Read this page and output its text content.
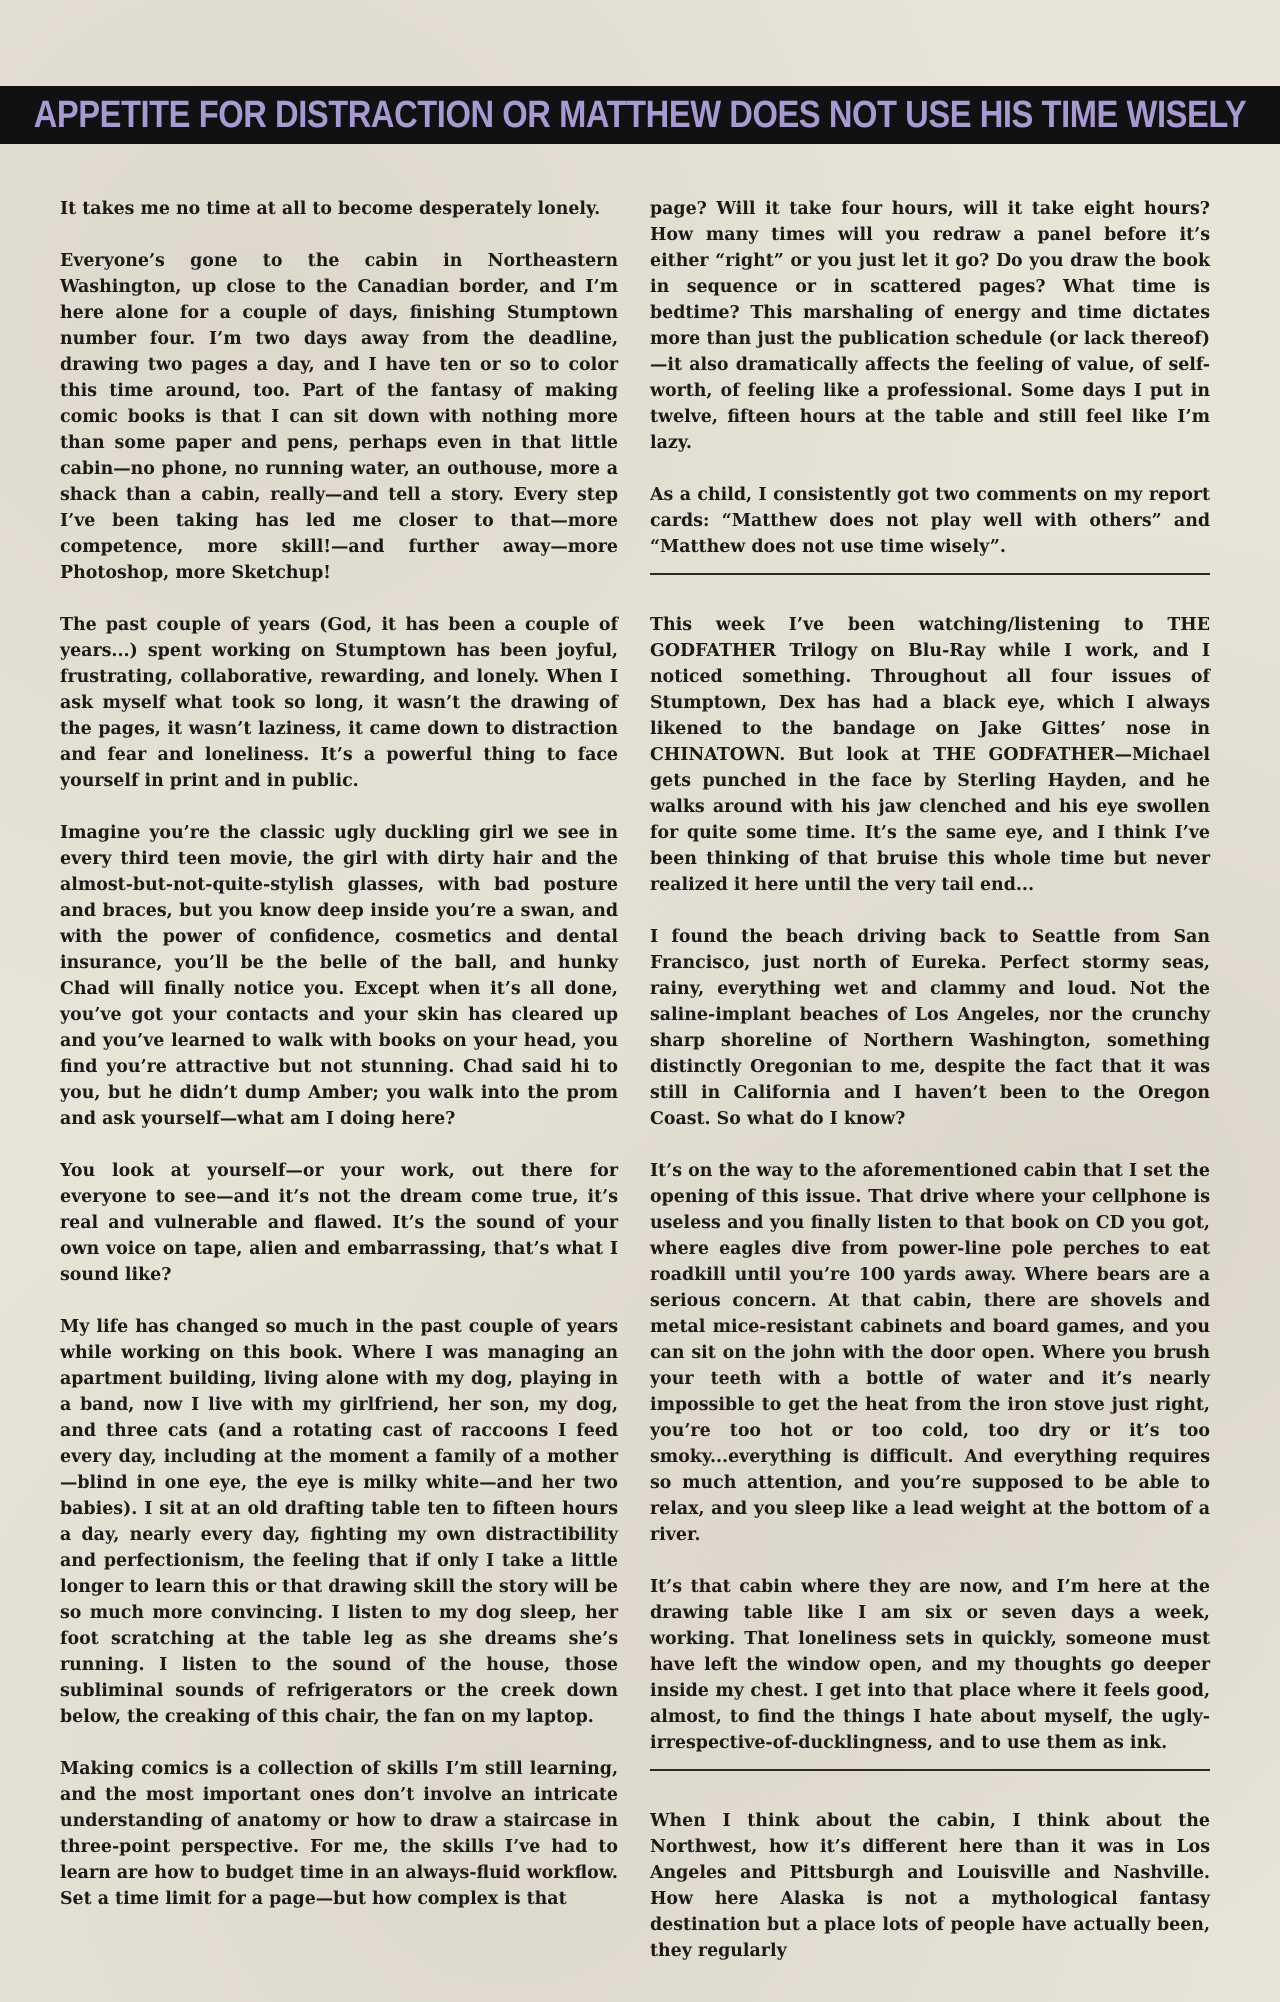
APPETITE FOR DISTRACTION OR MATTHEW DOES NOT USE HIS TIME WISELY

It takes me no time at all to become desperately lonely.

Everyone’s gone to the cabin in Northeastern Washington, up close to the Canadian border, and I’m here alone for a couple of days, finishing Stumptown number four. I’m two days away from the deadline, drawing two pages a day, and I have ten or so to color this time around, too. Part of the fantasy of making comic books is that I can sit down with nothing more than some paper and pens, perhaps even in that little cabin—no phone, no running water, an outhouse, more a shack than a cabin, really—and tell a story. Every step I’ve been taking has led me closer to that—more competence, more skill!—and further away—more Photoshop, more Sketchup!

The past couple of years (God, it has been a couple of years...) spent working on Stumptown has been joyful, frustrating, collaborative, rewarding, and lonely. When I ask myself what took so long, it wasn’t the drawing of the pages, it wasn’t laziness, it came down to distraction and fear and loneliness. It’s a powerful thing to face yourself in print and in public.

Imagine you’re the classic ugly duckling girl we see in every third teen movie, the girl with dirty hair and the almost-but-not-quite-stylish glasses, with bad posture and braces, but you know deep inside you’re a swan, and with the power of confidence, cosmetics and dental insurance, you’ll be the belle of the ball, and hunky Chad will finally notice you. Except when it’s all done, you’ve got your contacts and your skin has cleared up and you’ve learned to walk with books on your head, you find you’re attractive but not stunning. Chad said hi to you, but he didn’t dump Amber; you walk into the prom and ask yourself—what am I doing here?

You look at yourself—or your work, out there for everyone to see—and it’s not the dream come true, it’s real and vulnerable and flawed. It’s the sound of your own voice on tape, alien and embarrassing, that’s what I sound like?

My life has changed so much in the past couple of years while working on this book. Where I was managing an apartment building, living alone with my dog, playing in a band, now I live with my girlfriend, her son, my dog, and three cats (and a rotating cast of raccoons I feed every day, including at the moment a family of a mother—blind in one eye, the eye is milky white—and her two babies). I sit at an old drafting table ten to fifteen hours a day, nearly every day, fighting my own distractibility and perfectionism, the feeling that if only I take a little longer to learn this or that drawing skill the story will be so much more convincing. I listen to my dog sleep, her foot scratching at the table leg as she dreams she’s running. I listen to the sound of the house, those subliminal sounds of refrigerators or the creek down below, the creaking of this chair, the fan on my laptop.

Making comics is a collection of skills I’m still learning, and the most important ones don’t involve an intricate understanding of anatomy or how to draw a staircase in three-point perspective. For me, the skills I’ve had to learn are how to budget time in an always-fluid workflow. Set a time limit for a page—but how complex is that

page? Will it take four hours, will it take eight hours? How many times will you redraw a panel before it’s either “right” or you just let it go? Do you draw the book in sequence or in scattered pages? What time is bedtime? This marshaling of energy and time dictates more than just the publication schedule (or lack thereof)—it also dramatically affects the feeling of value, of self-worth, of feeling like a professional. Some days I put in twelve, fifteen hours at the table and still feel like I’m lazy.

As a child, I consistently got two comments on my report cards: “Matthew does not play well with others” and “Matthew does not use time wisely”.

This week I’ve been watching/listening to THE GODFATHER Trilogy on Blu-Ray while I work, and I noticed something. Throughout all four issues of Stumptown, Dex has had a black eye, which I always likened to the bandage on Jake Gittes’ nose in CHINATOWN. But look at THE GODFATHER—Michael gets punched in the face by Sterling Hayden, and he walks around with his jaw clenched and his eye swollen for quite some time. It’s the same eye, and I think I’ve been thinking of that bruise this whole time but never realized it here until the very tail end...

I found the beach driving back to Seattle from San Francisco, just north of Eureka. Perfect stormy seas, rainy, everything wet and clammy and loud. Not the saline-implant beaches of Los Angeles, nor the crunchy sharp shoreline of Northern Washington, something distinctly Oregonian to me, despite the fact that it was still in California and I haven’t been to the Oregon Coast. So what do I know?

It’s on the way to the aforementioned cabin that I set the opening of this issue. That drive where your cellphone is useless and you finally listen to that book on CD you got, where eagles dive from power-line pole perches to eat roadkill until you’re 100 yards away. Where bears are a serious concern. At that cabin, there are shovels and metal mice-resistant cabinets and board games, and you can sit on the john with the door open. Where you brush your teeth with a bottle of water and it’s nearly impossible to get the heat from the iron stove just right, you’re too hot or too cold, too dry or it’s too smoky...everything is difficult. And everything requires so much attention, and you’re supposed to be able to relax, and you sleep like a lead weight at the bottom of a river.

It’s that cabin where they are now, and I’m here at the drawing table like I am six or seven days a week, working. That loneliness sets in quickly, someone must have left the window open, and my thoughts go deeper inside my chest. I get into that place where it feels good, almost, to find the things I hate about myself, the ugly-irrespective-of-ducklingness, and to use them as ink.

When I think about the cabin, I think about the Northwest, how it’s different here than it was in Los Angeles and Pittsburgh and Louisville and Nashville. How here Alaska is not a mythological fantasy destination but a place lots of people have actually been, they regularly
